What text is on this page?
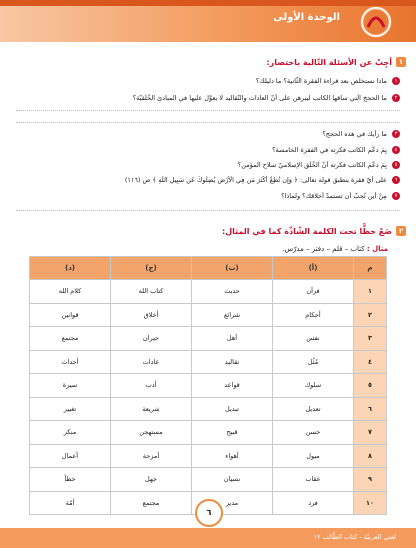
الوحدة الأولى
١
أجِبْ عن الأسئلة التّالية باختصار:
١ ماذا نستخلص بعد قراءة الفقرة الثّانية؟ ما دليلك؟
٢ ما الحجج الّتي ساقها الكاتب ليبرهن على أنّ العادات والتّقاليد لا يعوَّل عليها في المبادئ الخُلُقيّة؟
٣ ما رأيك في هذه الحجج؟
٤ بِمَ دعَّم الكاتب فكرته في الفقرة الخامسة؟
٥ بِمَ دعَّم الكاتب فكرته أنّ الخُلُق الإسلاميّ سلاح المؤمن؟
٦ على أيّ فقرة ينطبق قوله تعالى: ﴿ وَإِن تُطِعْ أَكْثَرَ مَن فِي الْأَرْضِ يُضِلُّوكَ عَن سَبِيلِ اللَّهِ ﴾ ص (١١٦)
٧ مِنْ أين تُحبّ أن تستمدّ أخلاقك؟ ولماذا؟
٢
ضَعْ خطًّا تحت الكلمة الشّاذّة كما في المثال:
مثال : كتاب – قلم – دفتر – مدرّس.
م	(أ)	(ب)	(ج)	(د)
١	قرآن	حديث	كتاب الله	كلام الله
٢	أحكام	شرائع	أخلاق	قوانين
٣	نفس	أهل	جيران	مجتمع
٤	مُثُل	تقاليد	عادات	أحداث
٥	سلوك	قواعد	أدب	سيرة
٦	تعديل	تبديل	شريعة	تغيير
٧	حسن	قبيح	مستهجن	منكر
٨	ميول	أهواء	أمزجة	أعمال
٩	عقاب	نسيان	جهل	خطأ
١٠	فرد	مدير	مجتمع	أمّة
٦
لغتي العربيّة - كتاب الطّالب ١٢
